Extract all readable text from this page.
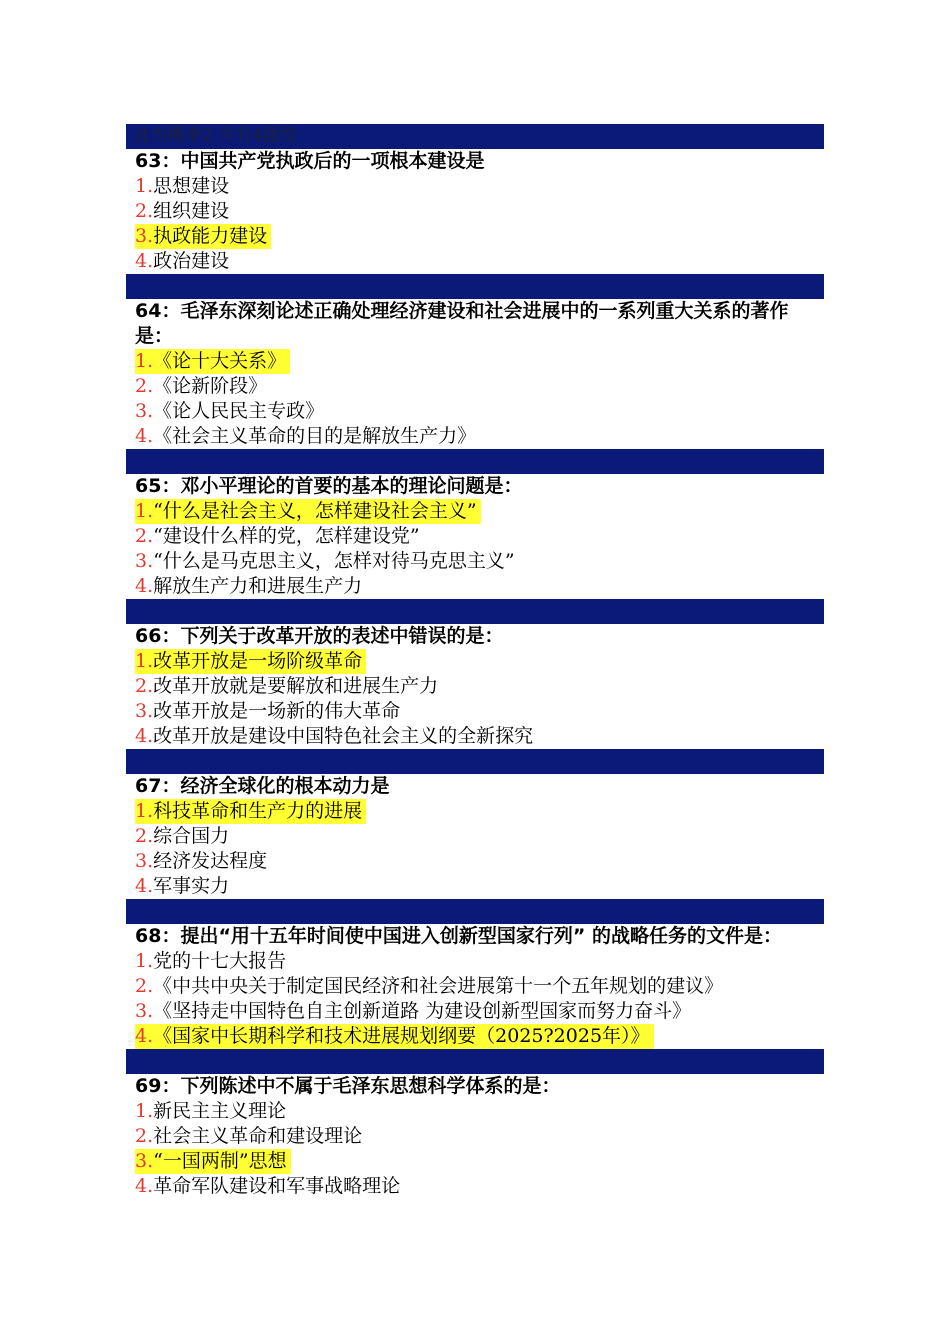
此为概率2 共有4题型
63：中国共产党执政后的一项根本建设是
1.思想建设
2.组织建设
3.执政能力建设
4.政治建设
64：毛泽东深刻论述正确处理经济建设和社会进展中的一系列重大关系的著作是：
1.《论十大关系》
2.《论新阶段》
3.《论人民民主专政》
4.《社会主义革命的目的是解放生产力》
65：邓小平理论的首要的基本的理论问题是：
1.“什么是社会主义，怎样建设社会主义”
2.“建设什么样的党，怎样建设党”
3.“什么是马克思主义，怎样对待马克思主义”
4.解放生产力和进展生产力
66：下列关于改革开放的表述中错误的是：
1.改革开放是一场阶级革命
2.改革开放就是要解放和进展生产力
3.改革开放是一场新的伟大革命
4.改革开放是建设中国特色社会主义的全新探究
67：经济全球化的根本动力是
1.科技革命和生产力的进展
2.综合国力
3.经济发达程度
4.军事实力
68：提出“用十五年时间使中国进入创新型国家行列” 的战略任务的文件是：
1.党的十七大报告
2.《中共中央关于制定国民经济和社会进展第十一个五年规划的建议》
3.《坚持走中国特色自主创新道路 为建设创新型国家而努力奋斗》
4.《国家中长期科学和技术进展规划纲要（2025?2025年）》
69：下列陈述中不属于毛泽东思想科学体系的是：
1.新民主主义理论
2.社会主义革命和建设理论
3.“一国两制”思想
4.革命军队建设和军事战略理论
